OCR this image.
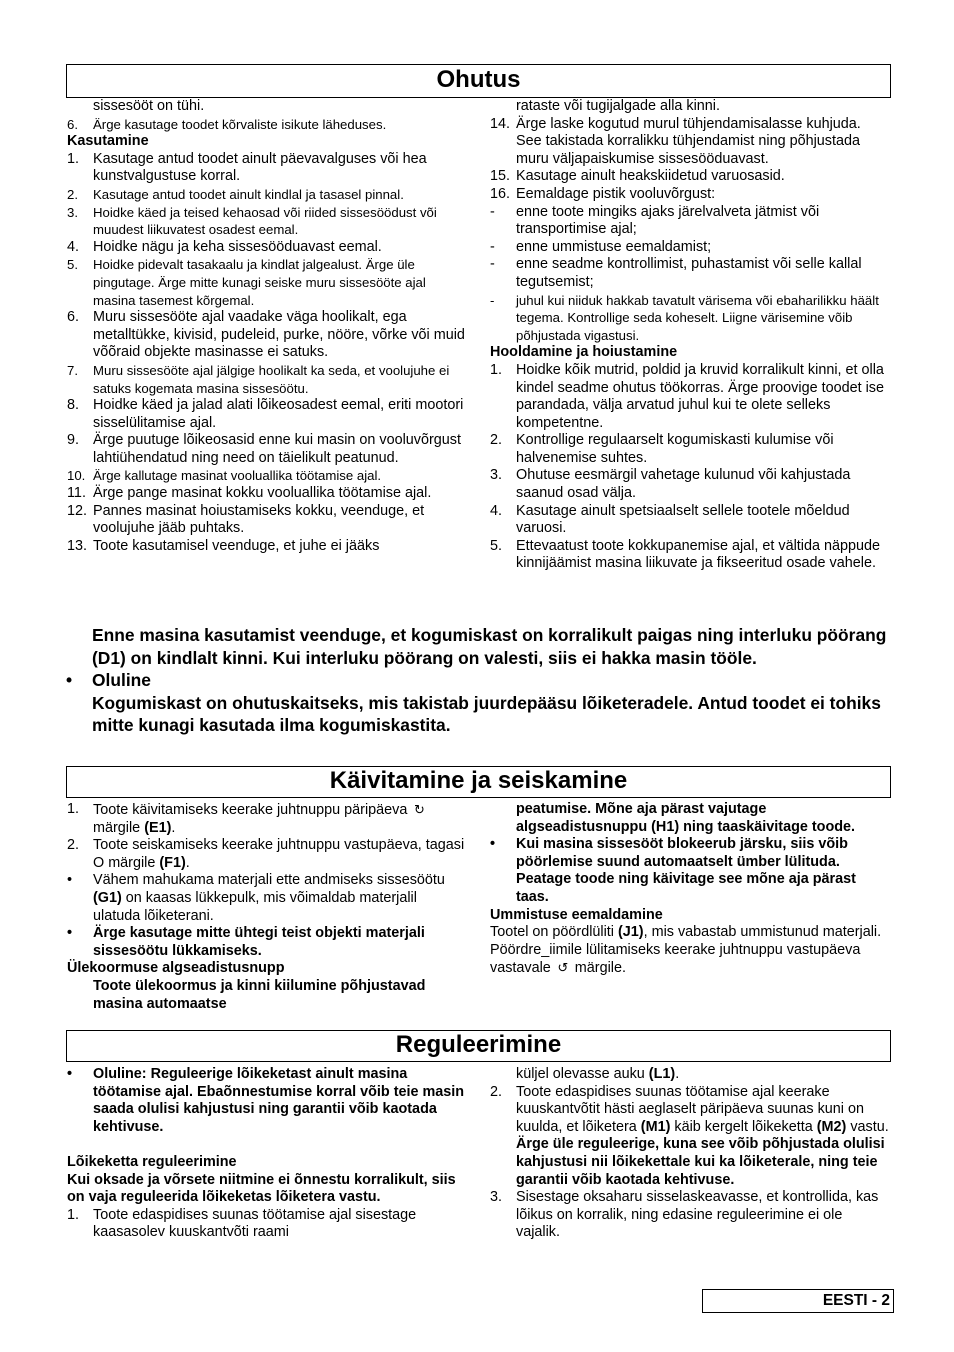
Ohutus
sissesööt on tühi.
6. Ärge kasutage toodet kõrvaliste isikute läheduses.
Kasutamine
1. Kasutage antud toodet ainult päevavalguses või hea kunstvalgustuse korral.
2. Kasutage antud toodet ainult kindlal ja tasasel pinnal.
3. Hoidke käed ja teised kehaosad või riided sissesöödust või muudest liikuvatest osadest eemal.
4. Hoidke nägu ja keha sissesööduavast eemal.
5. Hoidke pidevalt tasakaalu ja kindlat jalgealust. Ärge üle pingutage. Ärge mitte kunagi seiske muru sissesööte ajal masina tasemest kõrgemal.
6. Muru sissesööte ajal vaadake väga hoolikalt, ega metalltükke, kivisid, pudeleid, purke, nööre, võrke või muid võõraid objekte masinasse ei satuks.
7. Muru sissesööte ajal jälgige hoolikalt ka seda, et voolujuhe ei satuks kogemata masina sissesöötu.
8. Hoidke käed ja jalad alati lõikeosadest eemal, eriti mootori sisselülitamise ajal.
9. Ärge puutuge lõikeosasid enne kui masin on vooluvõrgust lahtiühendatud ning need on täielikult peatunud.
10. Ärge kallutage masinat vooluallika töötamise ajal.
11. Ärge pange masinat kokku vooluallika töötamise ajal.
12. Pannes masinat hoiustamiseks kokku, veenduge, et voolujuhe jääb puhtaks.
13. Toote kasutamisel veenduge, et juhe ei jääks
rataste või tugijalgade alla kinni.
14. Ärge laske kogutud murul tühjendamisalasse kuhjuda. See takistada korralikku tühjendamist ning põhjustada muru väljapaiskumise sissesööduavast.
15. Kasutage ainult heakskiidetud varuosasid.
16. Eemaldage pistik vooluvõrgust:
- enne toote mingiks ajaks järelvalveta jätmist või transportimise ajal;
- enne ummistuse eemaldamist;
- enne seadme kontrollimist, puhastamist või selle kallal tegutsemist;
- juhul kui niiduk hakkab tavatult värisema või ebaharilikku häält tegema. Kontrollige seda koheselt. Liigne värisemine võib põhjustada vigastusi.
Hooldamine ja hoiustamine
1. Hoidke kõik mutrid, poldid ja kruvid korralikult kinni, et olla kindel seadme ohutus töökorras. Ärge proovige toodet ise parandada, välja arvatud juhul kui te olete selleks kompetentne.
2. Kontrollige regulaarselt kogumiskasti kulumise või halvenemise suhtes.
3. Ohutuse eesmärgil vahetage kulunud või kahjustada saanud osad välja.
4. Kasutage ainult spetsiaalselt sellele tootele mõeldud varuosi.
5. Ettevaatust toote kokkupanemise ajal, et vältida näppude kinnijäämist masina liikuvate ja fikseeritud osade vahele.
Enne masina kasutamist veenduge, et kogumiskast on korralikult paigas ning interluku pöörang (D1) on kindlalt kinni. Kui interluku pöörang on valesti, siis ei hakka masin tööle.
• Oluline
Kogumiskast on ohutuskaitseks, mis takistab juurdepääsu lõiketeradele. Antud toodet ei tohiks mitte kunagi kasutada ilma kogumiskastita.
Käivitamine ja seiskamine
1. Toote käivitamiseks keerake juhtnuppu päripäeva ↻ märgile (E1).
2. Toote seiskamiseks keerake juhtnuppu vastupäeva, tagasi O märgile (F1).
• Vähem mahukama materjali ette andmiseks sissesöötu (G1) on kaasas lükkepulk, mis võimaldab materjalil ulatuda lõiketerani.
• Ärge kasutage mitte ühtegi teist objekti materjali sissesöötu lükkamiseks.
Ülekoormuse algseadistusnupp
Toote ülekoormus ja kinni kiilumine põhjustavad masina automaatse
peatumise. Mõne aja pärast vajutage algseadistusnuppu (H1) ning taaskäivitage toode.
• Kui masina sissesööt blokeerub järsku, siis võib pöörlemise suund automaatselt ümber lülituda. Peatage toode ning käivitage see mõne aja pärast taas.
Ummistuse eemaldamine
Tootel on pöördlüliti (J1), mis vabastab ummistunud materjali. Pöördre_iimile lülitamiseks keerake juhtnuppu vastupäeva vastavale ↺ märgile.
Reguleerimine
• Oluline: Reguleerige lõikeketast ainult masina töötamise ajal. Ebaõnnestumise korral võib teie masin saada olulisi kahjustusi ning garantii võib kaotada kehtivuse.
Lõikeketta reguleerimine
Kui oksade ja võrsete niitmine ei õnnestu korralikult, siis on vaja reguleerida lõikeketas lõiketera vastu.
1. Toote edaspidises suunas töötamise ajal sisestage kaasasolev kuuskantvõti raami
küljel olevasse auku (L1).
2. Toote edaspidises suunas töötamise ajal keerake kuuskantvõtit hästi aeglaselt päripäeva suunas kuni on kuulda, et lõiketera (M1) käib kergelt lõikeketta (M2) vastu. Ärge üle reguleerige, kuna see võib põhjustada olulisi kahjustusi nii lõikekettale kui ka lõiketerale, ning teie garantii võib kaotada kehtivuse.
3. Sisestage oksaharu sisselaskeavasse, et kontrollida, kas lõikus on korralik, ning edasine reguleerimine ei ole vajalik.
EESTI - 2
